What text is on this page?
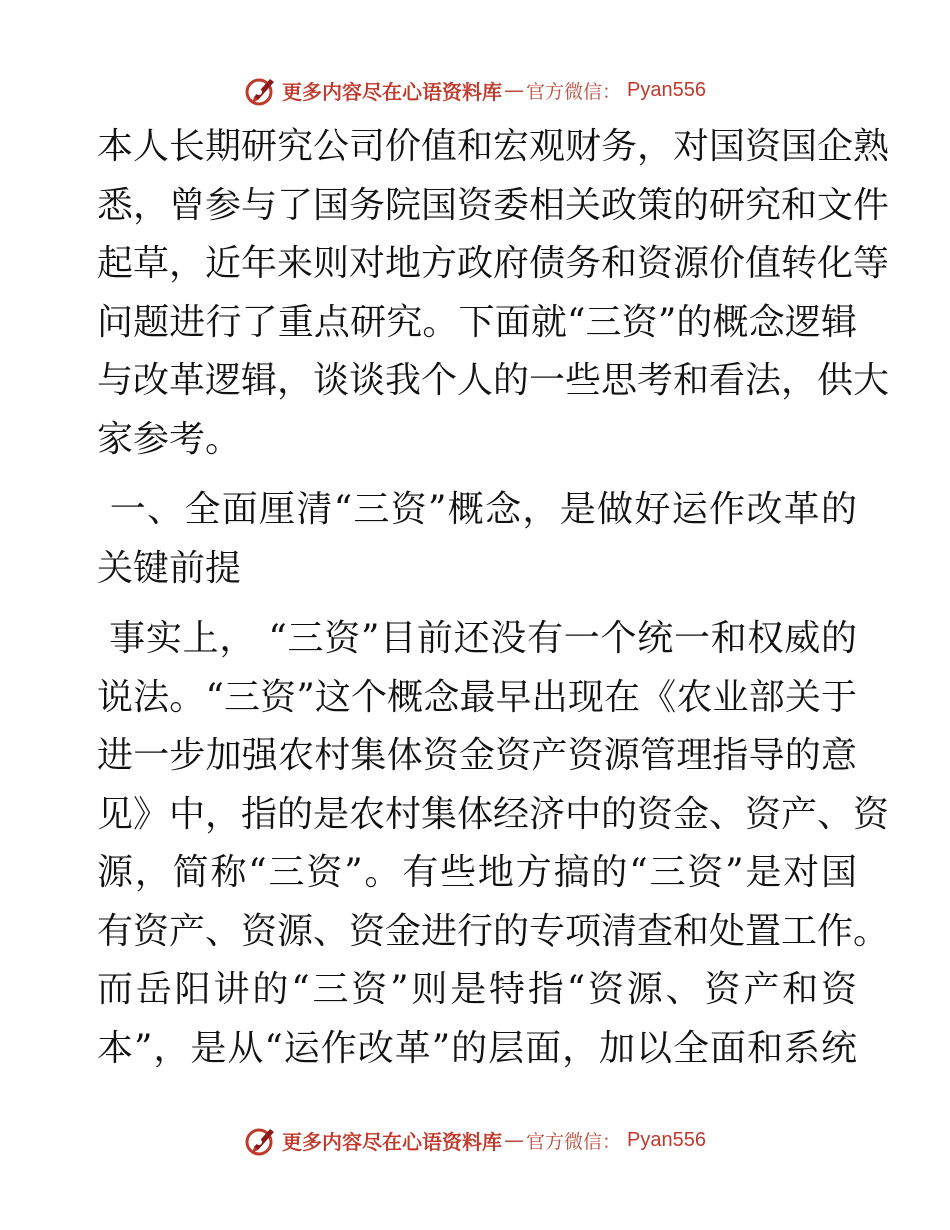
更多内容尽在心语资料库 — 官方微信： Pyan556
本人长期研究公司价值和宏观财务，对国资国企熟
悉，曾参与了国务院国资委相关政策的研究和文件
起草，近年来则对地方政府债务和资源价值转化等
问题进行了重点研究。下面就“三资”的概念逻辑
与改革逻辑，谈谈我个人的一些思考和看法，供大
家参考。
一、全面厘清“三资”概念，是做好运作改革的
关键前提
事实上， “三资”目前还没有一个统一和权威的
说法。“三资”这个概念最早出现在《农业部关于
进一步加强农村集体资金资产资源管理指导的意
见》中，指的是农村集体经济中的资金、资产、资
源，简称“三资”。有些地方搞的“三资”是对国
有资产、资源、资金进行的专项清查和处置工作。
而岳阳讲的“三资”则是特指“资源、资产和资
本”，是从“运作改革”的层面，加以全面和系统
更多内容尽在心语资料库 — 官方微信： Pyan556
